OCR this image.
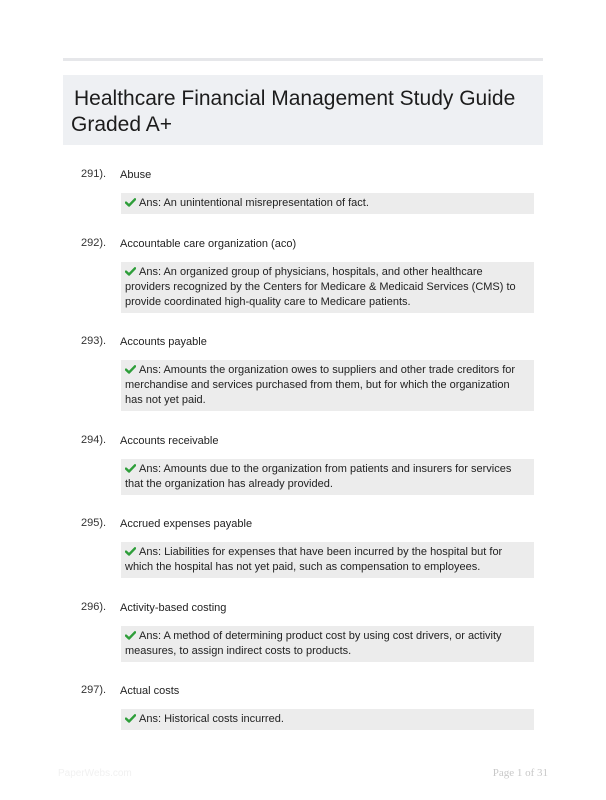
Healthcare Financial Management Study Guide Graded A+
291). Abuse
Ans: An unintentional misrepresentation of fact.
292). Accountable care organization (aco)
Ans: An organized group of physicians, hospitals, and other healthcare providers recognized by the Centers for Medicare & Medicaid Services (CMS) to provide coordinated high-quality care to Medicare patients.
293). Accounts payable
Ans: Amounts the organization owes to suppliers and other trade creditors for merchandise and services purchased from them, but for which the organization has not yet paid.
294). Accounts receivable
Ans: Amounts due to the organization from patients and insurers for services that the organization has already provided.
295). Accrued expenses payable
Ans: Liabilities for expenses that have been incurred by the hospital but for which the hospital has not yet paid, such as compensation to employees.
296). Activity-based costing
Ans: A method of determining product cost by using cost drivers, or activity measures, to assign indirect costs to products.
297). Actual costs
Ans: Historical costs incurred.
PaperWebs.com	Page 1 of 31
